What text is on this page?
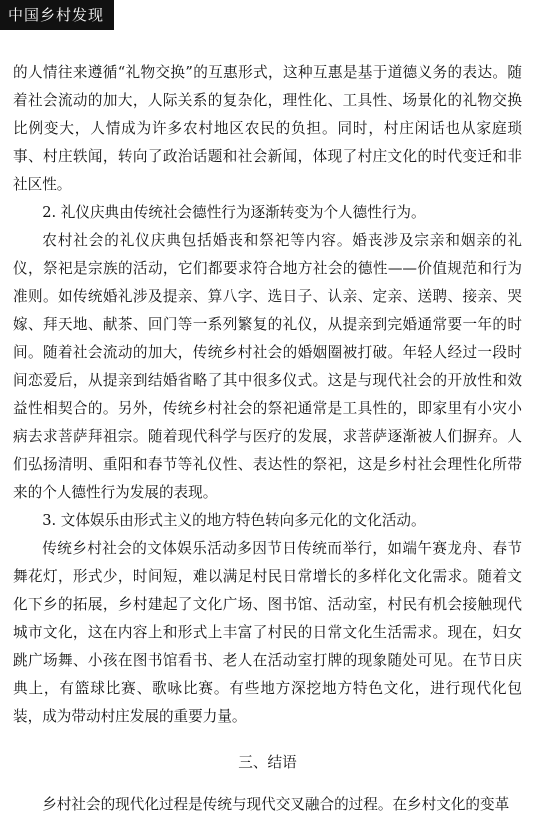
中国乡村发现

的人情往来遵循“礼物交换”的互惠形式，这种互惠是基于道德义务的表达。随着社会流动的加大，人际关系的复杂化，理性化、工具性、场景化的礼物交换比例变大，人情成为许多农村地区农民的负担。同时，村庄闲话也从家庭琐事、村庄轶闻，转向了政治话题和社会新闻，体现了村庄文化的时代变迁和非社区性。

2. 礼仪庆典由传统社会德性行为逐渐转变为个人德性行为。

农村社会的礼仪庆典包括婚丧和祭祀等内容。婚丧涉及宗亲和姻亲的礼仪，祭祀是宗族的活动，它们都要求符合地方社会的德性——价值规范和行为准则。如传统婚礼涉及提亲、算八字、选日子、认亲、定亲、送聘、接亲、哭嫁、拜天地、献茶、回门等一系列繁复的礼仪，从提亲到完婚通常要一年的时间。随着社会流动的加大，传统乡村社会的婚姻圈被打破。年轻人经过一段时间恋爱后，从提亲到结婚省略了其中很多仪式。这是与现代社会的开放性和效益性相契合的。另外，传统乡村社会的祭祀通常是工具性的，即家里有小灾小病去求菩萨拜祖宗。随着现代科学与医疗的发展，求菩萨逐渐被人们摒弃。人们弘扬清明、重阳和春节等礼仪性、表达性的祭祀，这是乡村社会理性化所带来的个人德性行为发展的表现。

3. 文体娱乐由形式主义的地方特色转向多元化的文化活动。

传统乡村社会的文体娱乐活动多因节日传统而举行，如端午赛龙舟、春节舞花灯，形式少，时间短，难以满足村民日常增长的多样化文化需求。随着文化下乡的拓展，乡村建起了文化广场、图书馆、活动室，村民有机会接触现代城市文化，这在内容上和形式上丰富了村民的日常文化生活需求。现在，妇女跳广场舞、小孩在图书馆看书、老人在活动室打牌的现象随处可见。在节日庆典上，有篮球比赛、歌咏比赛。有些地方深挖地方特色文化，进行现代化包装，成为带动村庄发展的重要力量。

三、结语

乡村社会的现代化过程是传统与现代交叉融合的过程。在乡村文化的变革
